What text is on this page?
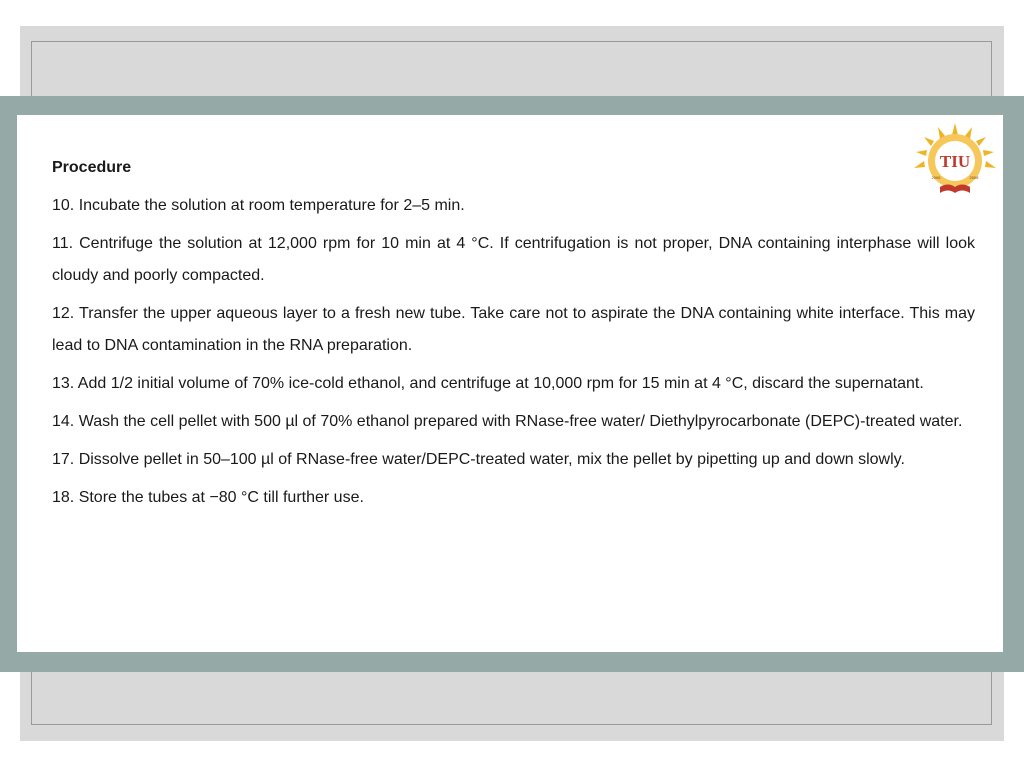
Procedure

10. Incubate the solution at room temperature for 2–5 min.

11. Centrifuge the solution at 12,000 rpm for 10 min at 4 °C. If centrifugation is not proper, DNA containing interphase will look cloudy and poorly compacted.

12. Transfer the upper aqueous layer to a fresh new tube. Take care not to aspirate the DNA containing white interface. This may lead to DNA contamination in the RNA preparation.

13. Add 1/2 initial volume of 70% ice-cold ethanol, and centrifuge at 10,000 rpm for 15 min at 4 °C, discard the supernatant.

14. Wash the cell pellet with 500 µl of 70% ethanol prepared with RNase-free water/ Diethylpyrocarbonate (DEPC)-treated water.

17. Dissolve pellet in 50–100 µl of RNase-free water/DEPC-treated water, mix the pellet by pipetting up and down slowly.

18. Store the tubes at −80 °C till further use.

TIU
2006	2008
